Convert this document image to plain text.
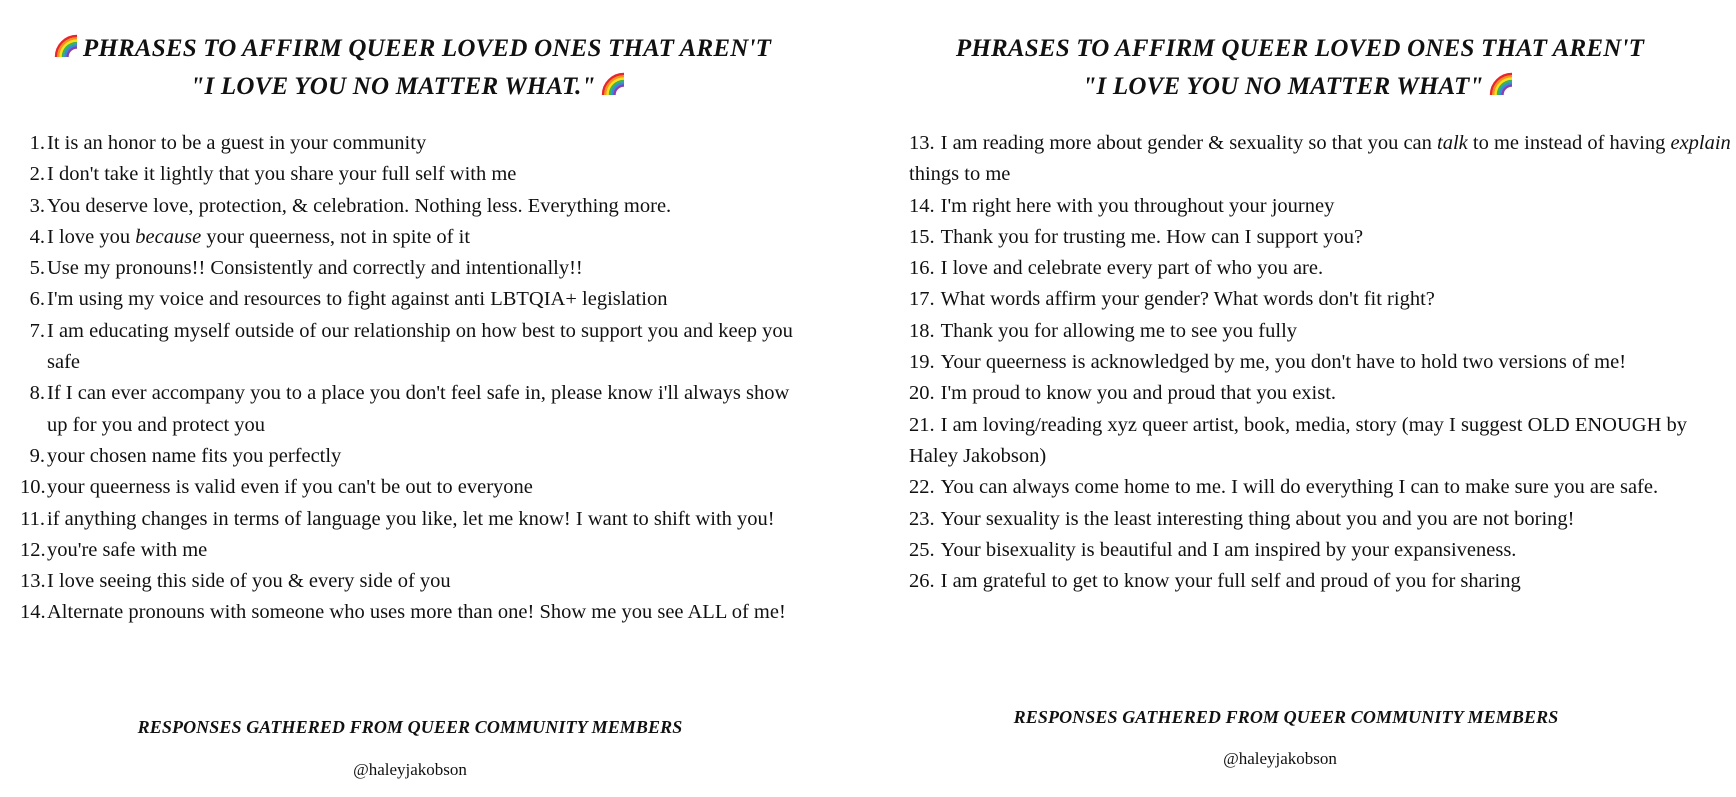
PHRASES TO AFFIRM QUEER LOVED ONES THAT AREN'T
"I LOVE YOU NO MATTER WHAT."
1. It is an honor to be a guest in your community
2. I don't take it lightly that you share your full self with me
3. You deserve love, protection, & celebration. Nothing less. Everything more.
4. I love you because your queerness, not in spite of it
5. Use my pronouns!! Consistently and correctly and intentionally!!
6. I'm using my voice and resources to fight against anti LBTQIA+ legislation
7. I am educating myself outside of our relationship on how best to support you and keep you safe
8. If I can ever accompany you to a place you don't feel safe in, please know i'll always show up for you and protect you
9. your chosen name fits you perfectly
10. your queerness is valid even if you can't be out to everyone
11. if anything changes in terms of language you like, let me know! I want to shift with you!
12. you're safe with me
13. I love seeing this side of you & every side of you
14. Alternate pronouns with someone who uses more than one! Show me you see ALL of me!
RESPONSES GATHERED FROM QUEER COMMUNITY MEMBERS
@haleyjakobson
PHRASES TO AFFIRM QUEER LOVED ONES THAT AREN'T
"I LOVE YOU NO MATTER WHAT"
13. I am reading more about gender & sexuality so that you can talk to me instead of having explain things to me
14. I'm right here with you throughout your journey
15. Thank you for trusting me. How can I support you?
16. I love and celebrate every part of who you are.
17. What words affirm your gender? What words don't fit right?
18. Thank you for allowing me to see you fully
19. Your queerness is acknowledged by me, you don't have to hold two versions of me!
20. I'm proud to know you and proud that you exist.
21. I am loving/reading xyz queer artist, book, media, story (may I suggest OLD ENOUGH by Haley Jakobson)
22. You can always come home to me. I will do everything I can to make sure you are safe.
23. Your sexuality is the least interesting thing about you and you are not boring!
25. Your bisexuality is beautiful and I am inspired by your expansiveness.
26. I am grateful to get to know your full self and proud of you for sharing
RESPONSES GATHERED FROM QUEER COMMUNITY MEMBERS
@haleyjakobson
